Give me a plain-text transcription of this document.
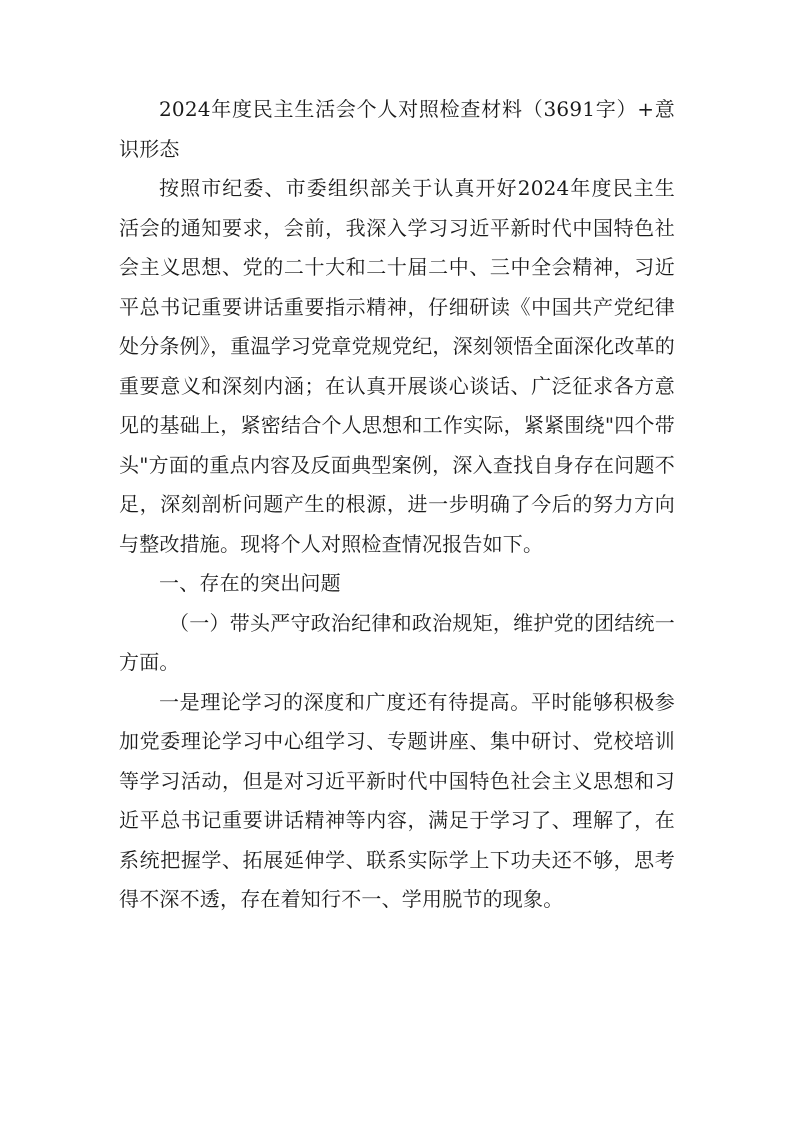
2024年度民主生活会个人对照检查材料（3691字）+意识形态

按照市纪委、市委组织部关于认真开好2024年度民主生活会的通知要求，会前，我深入学习习近平新时代中国特色社会主义思想、党的二十大和二十届二中、三中全会精神，习近平总书记重要讲话重要指示精神，仔细研读《中国共产党纪律处分条例》，重温学习党章党规党纪，深刻领悟全面深化改革的重要意义和深刻内涵；在认真开展谈心谈话、广泛征求各方意见的基础上，紧密结合个人思想和工作实际，紧紧围绕"四个带头"方面的重点内容及反面典型案例，深入查找自身存在问题不足，深刻剖析问题产生的根源，进一步明确了今后的努力方向与整改措施。现将个人对照检查情况报告如下。

一、存在的突出问题

（一）带头严守政治纪律和政治规矩，维护党的团结统一方面。

一是理论学习的深度和广度还有待提高。平时能够积极参加党委理论学习中心组学习、专题讲座、集中研讨、党校培训等学习活动，但是对习近平新时代中国特色社会主义思想和习近平总书记重要讲话精神等内容，满足于学习了、理解了，在系统把握学、拓展延伸学、联系实际学上下功夫还不够，思考得不深不透，存在着知行不一、学用脱节的现象。
